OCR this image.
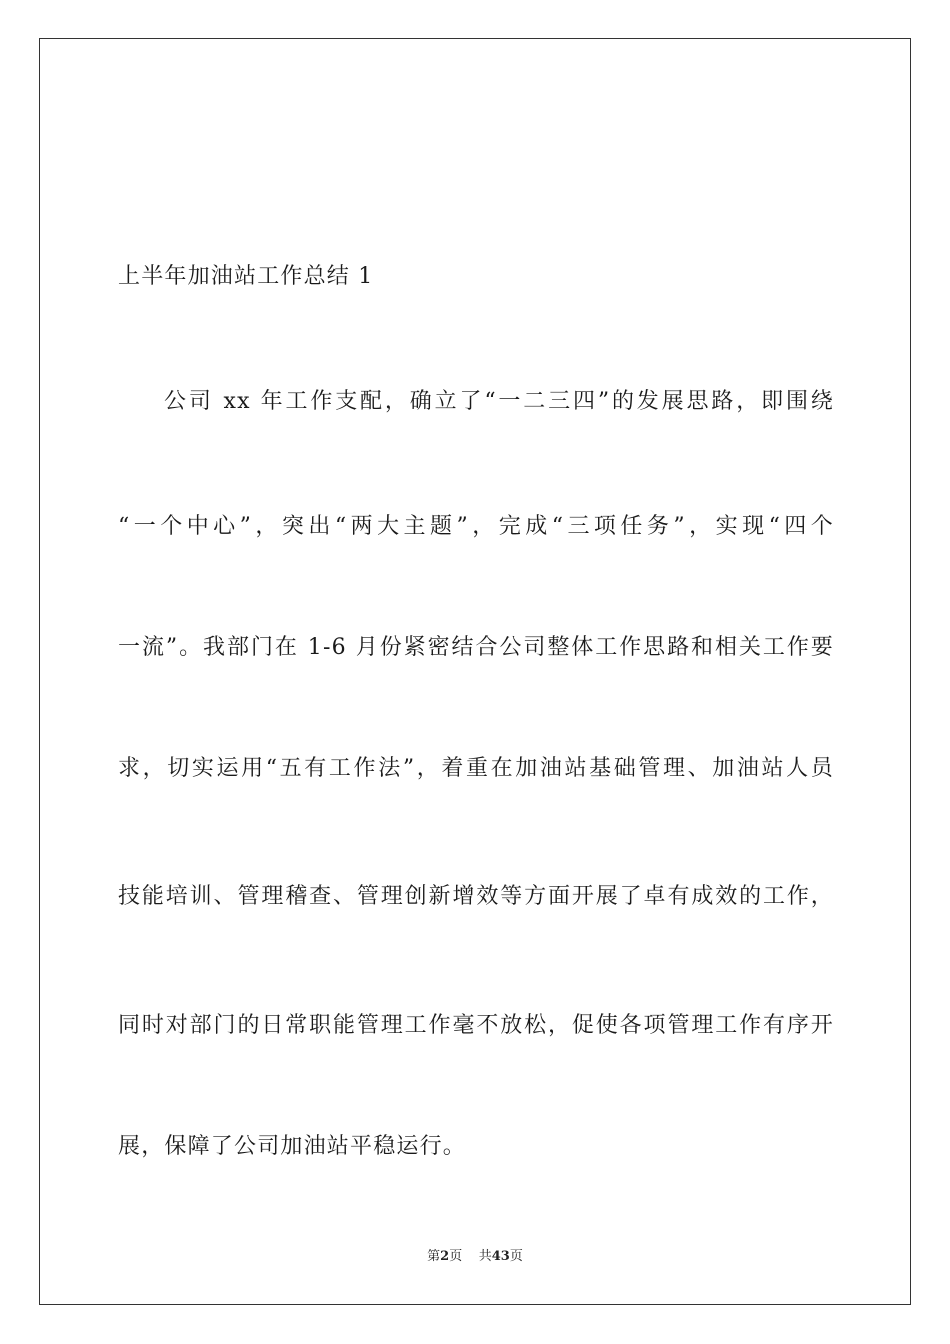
上半年加油站工作总结 1
公司 xx 年工作支配，确立了“一二三四”的发展思路，即围绕
“一个中心”，突出“两大主题”，完成“三项任务”，实现“四个
一流”。我部门在 1-6 月份紧密结合公司整体工作思路和相关工作要
求，切实运用“五有工作法”，着重在加油站基础管理、加油站人员
技能培训、管理稽查、管理创新增效等方面开展了卓有成效的工作，
同时对部门的日常职能管理工作毫不放松，促使各项管理工作有序开
展，保障了公司加油站平稳运行。
第2页 共43页
